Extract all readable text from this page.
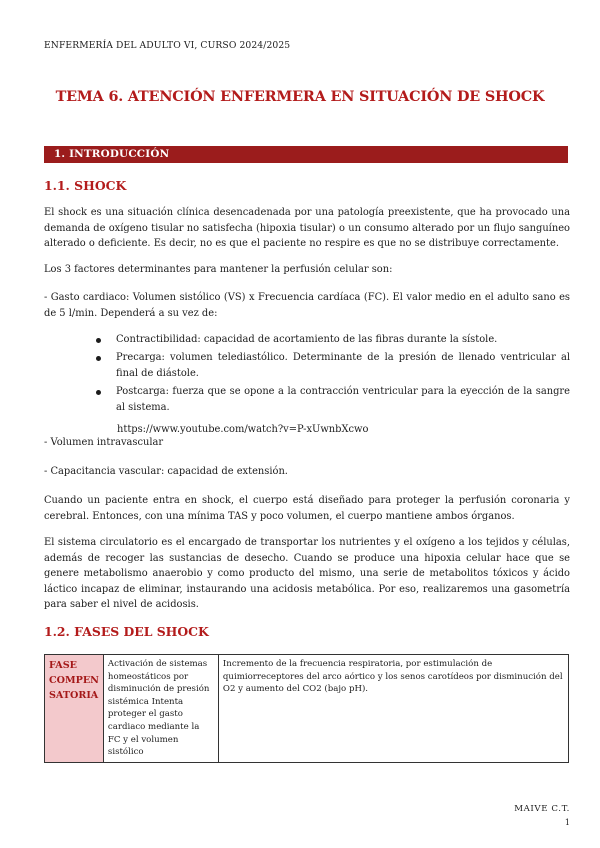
ENFERMERÍA DEL ADULTO VI, CURSO 2024/2025
TEMA 6. ATENCIÓN ENFERMERA EN SITUACIÓN DE SHOCK
1. INTRODUCCIÓN
1.1. SHOCK

El shock es una situación clínica desencadenada por una patología preexistente, que ha provocado una demanda de oxígeno tisular no satisfecha (hipoxia tisular) o un consumo alterado por un flujo sanguíneo alterado o deficiente. Es decir, no es que el paciente no respire es que no se distribuye correctamente.

Los 3 factores determinantes para mantener la perfusión celular son:

- Gasto cardiaco: Volumen sistólico (VS) x Frecuencia cardíaca (FC). El valor medio en el adulto sano es de 5 l/min. Dependerá a su vez de:

Contractibilidad: capacidad de acortamiento de las fibras durante la sístole.
Precarga: volumen telediastólico. Determinante de la presión de llenado ventricular al final de diástole.
Postcarga: fuerza que se opone a la contracción ventricular para la eyección de la sangre al sistema.
https://www.youtube.com/watch?v=P-xUwnbXcwo

- Volumen intravascular

- Capacitancia vascular: capacidad de extensión.

Cuando un paciente entra en shock, el cuerpo está diseñado para proteger la perfusión coronaria y cerebral. Entonces, con una mínima TAS y poco volumen, el cuerpo mantiene ambos órganos.

El sistema circulatorio es el encargado de transportar los nutrientes y el oxígeno a los tejidos y células, además de recoger las sustancias de desecho. Cuando se produce una hipoxia celular hace que se genere metabolismo anaerobio y como producto del mismo, una serie de metabolitos tóxicos y ácido láctico incapaz de eliminar, instaurando una acidosis metabólica. Por eso, realizaremos una gasometría para saber el nivel de acidosis.

1.2. FASES DEL SHOCK
FASE COMPEN SATORIA	Activación de sistemas homeostáticos por disminución de presión sistémica Intenta proteger el gasto cardiaco mediante la FC y el volumen sistólico	Incremento de la frecuencia respiratoria, por estimulación de quimiorreceptores del arco aórtico y los senos carotídeos por disminución del O2 y aumento del CO2 (bajo pH).
MAIVE C.T.
1
